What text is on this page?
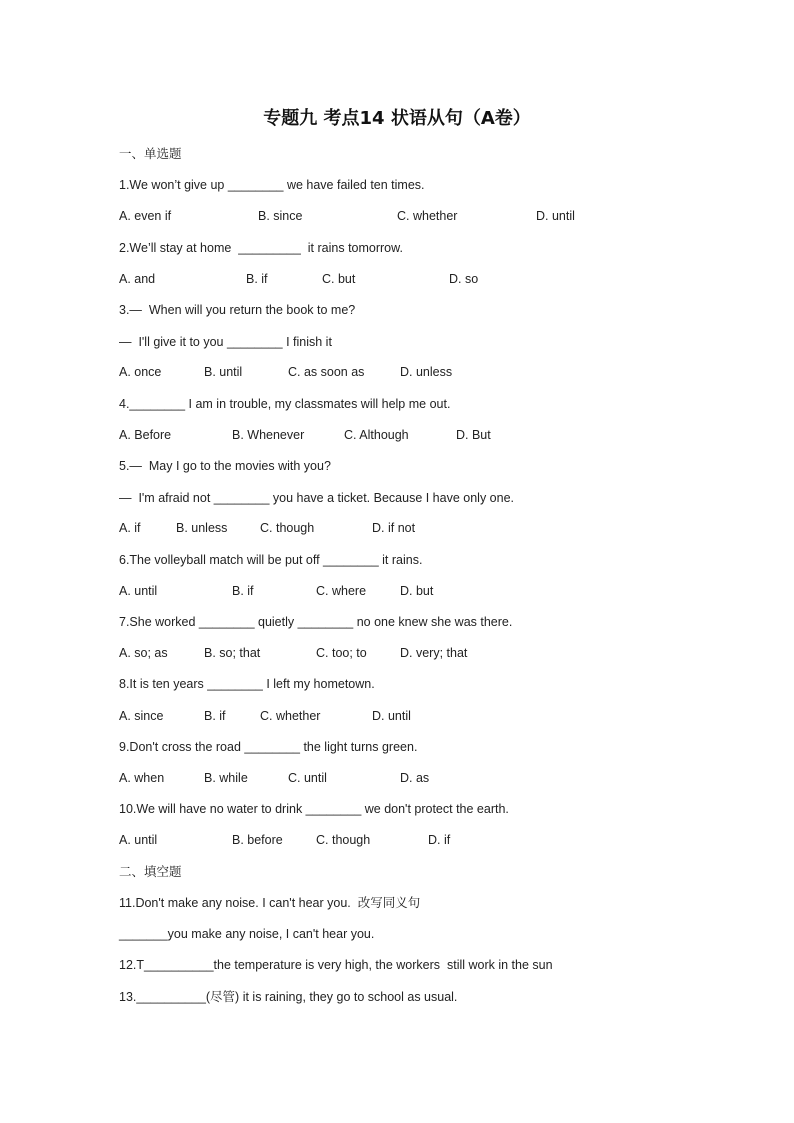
专题九 考点14 状语从句（A卷）
一、单选题
1.We won’t give up ________ we have failed ten times.
A. even if	B. since	C. whether	D. until
2.We’ll stay at home  _________  it rains tomorrow.
A. and	B. if	C. but	D. so
3.—  When will you return the book to me?
—  I'll give it to you ________ I finish it
A. once	B. until	C. as soon as	D. unless
4.________ I am in trouble, my classmates will help me out.
A. Before	B. Whenever	C. Although	D. But
5.—  May I go to the movies with you?
—  I'm afraid not ________ you have a ticket. Because I have only one.
A. if	B. unless	C. though	D. if not
6.The volleyball match will be put off ________ it rains.
A. until	B. if	C. where	D. but
7.She worked ________ quietly ________ no one knew she was there.
A. so; as	B. so; that	C. too; to	D. very; that
8.It is ten years ________ I left my hometown.
A. since	B. if	C. whether	D. until
9.Don't cross the road ________ the light turns green.
A. when	B. while	C. until	D. as
10.We will have no water to drink ________ we don't protect the earth.
A. until	B. before	C. though	D. if
二、填空题
11.Don't make any noise. I can't hear you.  改写同义句
_______you make any noise, I can't hear you.
12.T__________the temperature is very high, the workers  still work in the sun
13.__________(尽管) it is raining, they go to school as usual.
